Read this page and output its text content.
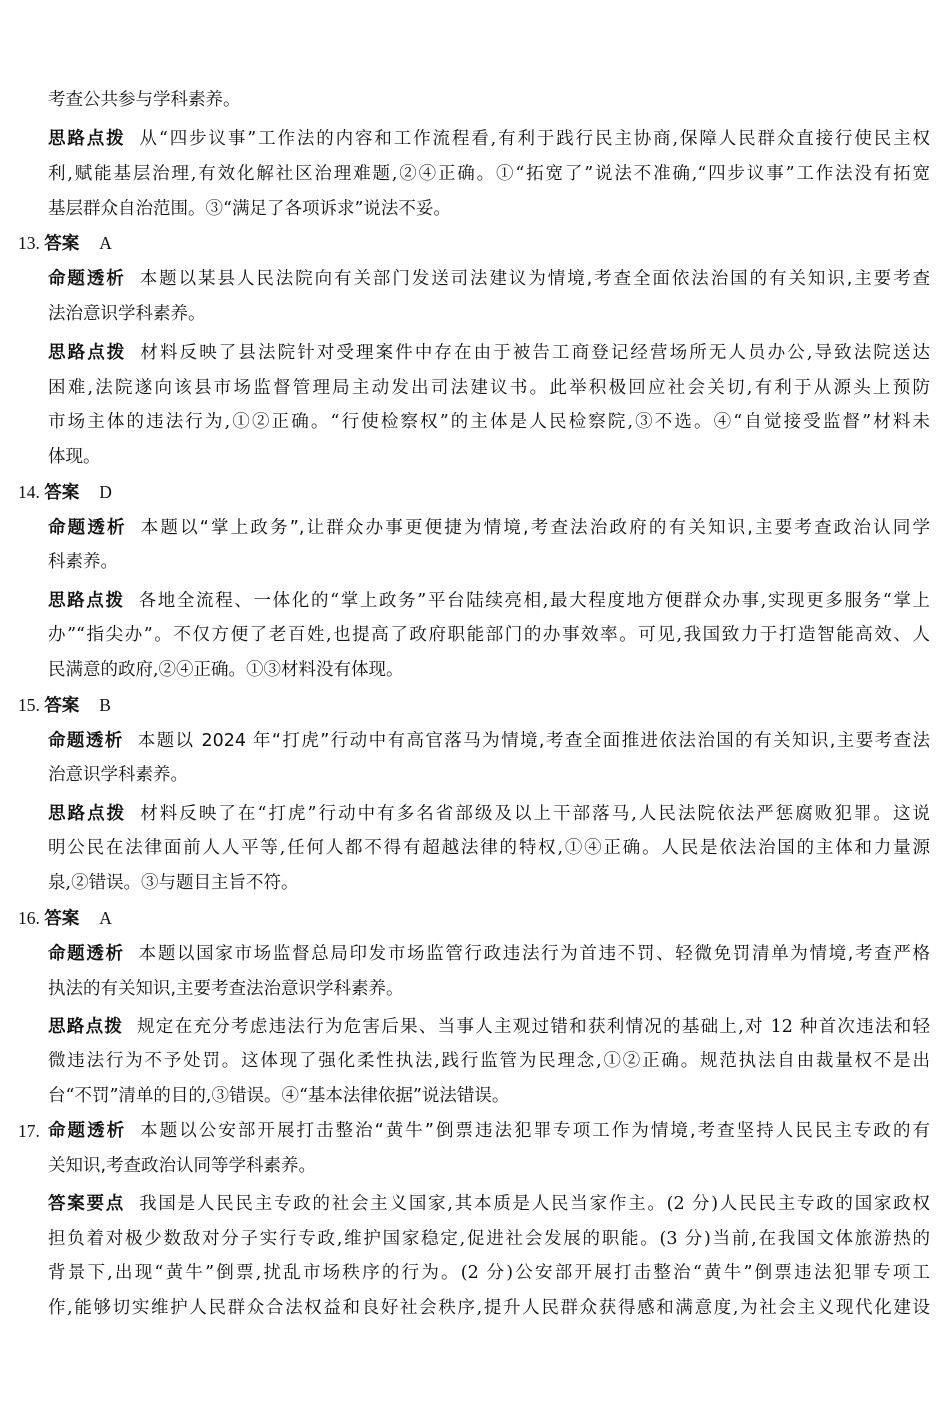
考查公共参与学科素养。
思路点拨 从“四步议事”工作法的内容和工作流程看,有利于践行民主协商,保障人民群众直接行使民主权
利,赋能基层治理,有效化解社区治理难题,②④正确。①“拓宽了”说法不准确,“四步议事”工作法没有拓宽
基层群众自治范围。③“满足了各项诉求”说法不妥。
13. 答案 A
命题透析 本题以某县人民法院向有关部门发送司法建议为情境,考查全面依法治国的有关知识,主要考查
法治意识学科素养。
思路点拨 材料反映了县法院针对受理案件中存在由于被告工商登记经营场所无人员办公,导致法院送达
困难,法院遂向该县市场监督管理局主动发出司法建议书。此举积极回应社会关切,有利于从源头上预防
市场主体的违法行为,①②正确。“行使检察权”的主体是人民检察院,③不选。④“自觉接受监督”材料未
体现。
14. 答案 D
命题透析 本题以“掌上政务”,让群众办事更便捷为情境,考查法治政府的有关知识,主要考查政治认同学
科素养。
思路点拨 各地全流程、一体化的“掌上政务”平台陆续亮相,最大程度地方便群众办事,实现更多服务“掌上
办”“指尖办”。不仅方便了老百姓,也提高了政府职能部门的办事效率。可见,我国致力于打造智能高效、人
民满意的政府,②④正确。①③材料没有体现。
15. 答案 B
命题透析 本题以 2024 年“打虎”行动中有高官落马为情境,考查全面推进依法治国的有关知识,主要考查法
治意识学科素养。
思路点拨 材料反映了在“打虎”行动中有多名省部级及以上干部落马,人民法院依法严惩腐败犯罪。这说
明公民在法律面前人人平等,任何人都不得有超越法律的特权,①④正确。人民是依法治国的主体和力量源
泉,②错误。③与题目主旨不符。
16. 答案 A
命题透析 本题以国家市场监督总局印发市场监管行政违法行为首违不罚、轻微免罚清单为情境,考查严格
执法的有关知识,主要考查法治意识学科素养。
思路点拨 规定在充分考虑违法行为危害后果、当事人主观过错和获利情况的基础上,对 12 种首次违法和轻
微违法行为不予处罚。这体现了强化柔性执法,践行监管为民理念,①②正确。规范执法自由裁量权不是出
台“不罚”清单的目的,③错误。④“基本法律依据”说法错误。
17. 命题透析 本题以公安部开展打击整治“黄牛”倒票违法犯罪专项工作为情境,考查坚持人民民主专政的有
关知识,考查政治认同等学科素养。
答案要点 我国是人民民主专政的社会主义国家,其本质是人民当家作主。(2 分)人民民主专政的国家政权
担负着对极少数敌对分子实行专政,维护国家稳定,促进社会发展的职能。(3 分)当前,在我国文体旅游热的
背景下,出现“黄牛”倒票,扰乱市场秩序的行为。(2 分)公安部开展打击整治“黄牛”倒票违法犯罪专项工
作,能够切实维护人民群众合法权益和良好社会秩序,提升人民群众获得感和满意度,为社会主义现代化建设
